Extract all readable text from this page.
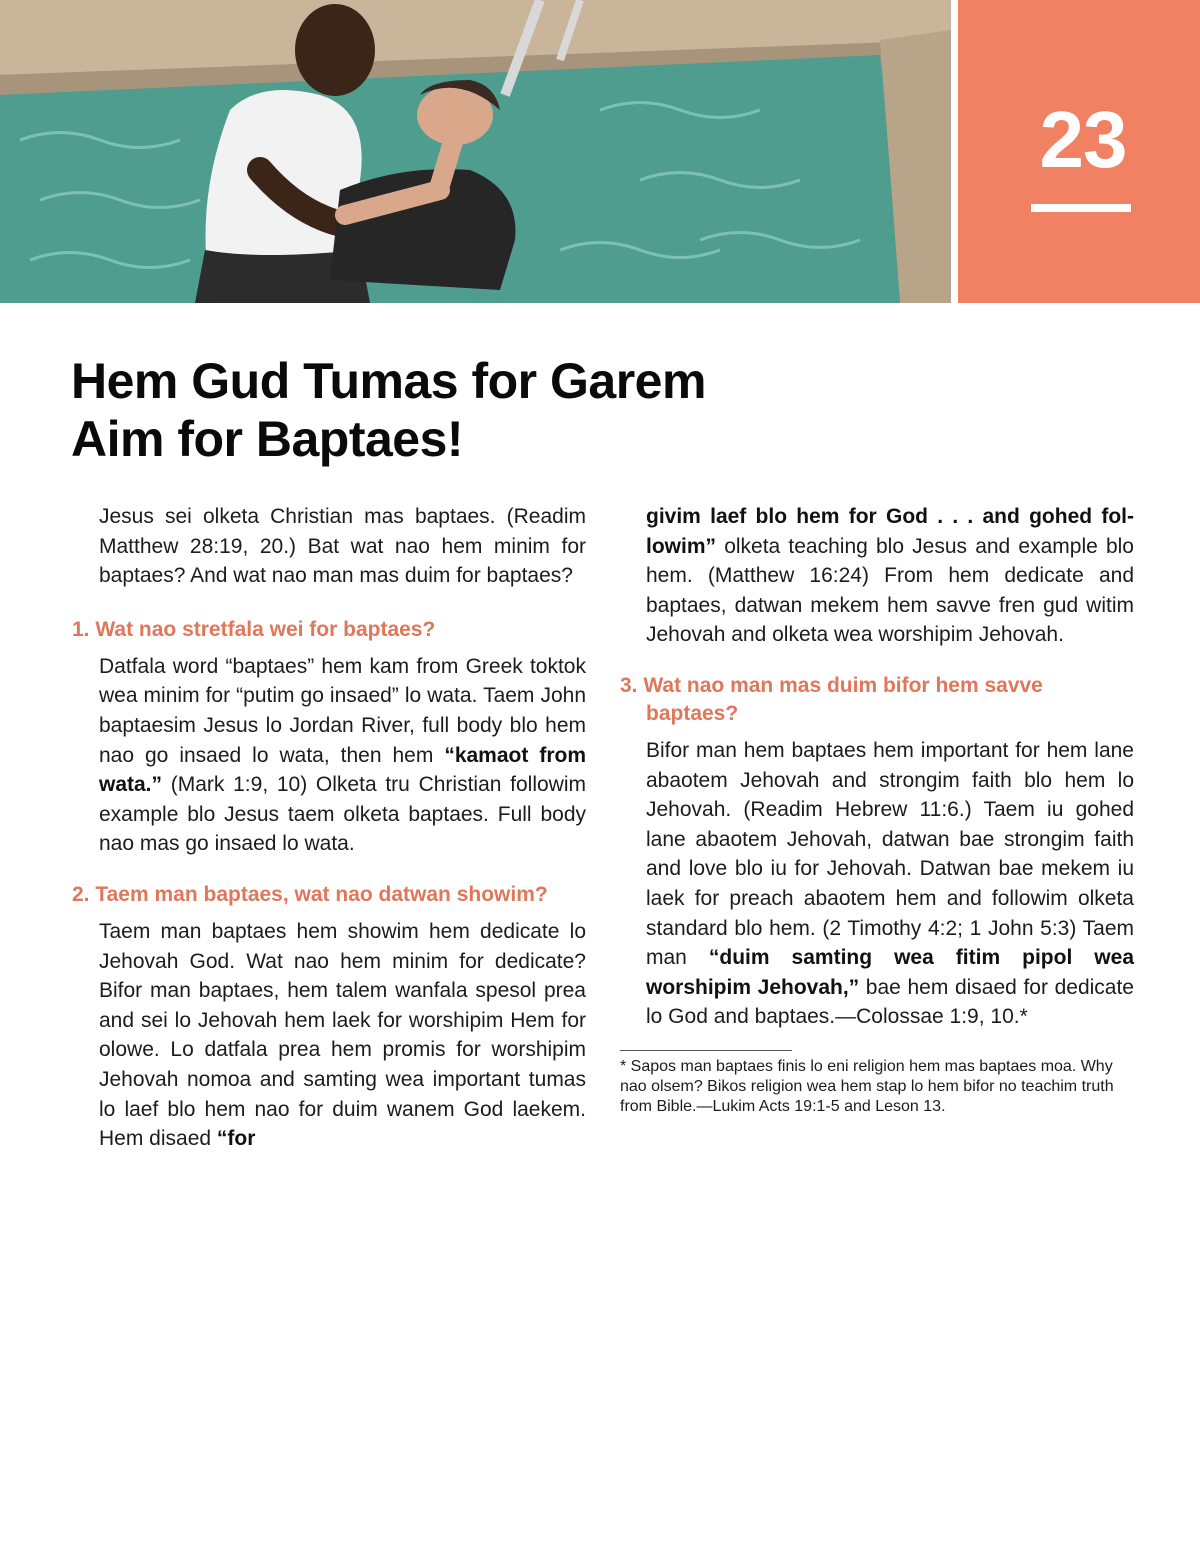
23
Hem Gud Tumas for Garem
Aim for Baptaes!

Jesus sei olketa Christian mas baptaes. (Readim Matthew 28:19, 20.) Bat wat nao hem minim for baptaes? And wat nao man mas duim for baptaes?

1. Wat nao stretfala wei for baptaes?

Datfala word “baptaes” hem kam from Greek toktok wea minim for “putim go insaed” lo wata. Taem John baptaesim Jesus lo Jordan River, full body blo hem nao go insaed lo wata, then hem “kamaot from wata.” (Mark 1:9, 10) Olketa tru Christian followim example blo Jesus taem olketa baptaes. Full body nao mas go insaed lo wata.

2. Taem man baptaes, wat nao datwan showim?

Taem man baptaes hem showim hem dedicate lo Jehovah God. Wat nao hem minim for dedicate? Bifor man baptaes, hem talem wanfala spesol prea and sei lo Jehovah hem laek for worshipim Hem for olowe. Lo datfala prea hem promis for worshipim Jehovah nomoa and samting wea important tumas lo laef blo hem nao for duim wanem God laekem. Hem disaed “for

givim laef blo hem for God . . . and gohed followim” olketa teaching blo Jesus and example blo hem. (Matthew 16:24) From hem dedicate and baptaes, datwan mekem hem savve fren gud witim Jehovah and olketa wea worshipim Jehovah.

3. Wat nao man mas duim bifor hem savve baptaes?

Bifor man hem baptaes hem important for hem lane abaotem Jehovah and strongim faith blo hem lo Jehovah. (Readim Hebrew 11:6.) Taem iu gohed lane abaotem Jehovah, datwan bae strongim faith and love blo iu for Jehovah. Datwan bae mekem iu laek for preach abaotem hem and followim olketa standard blo hem. (2 Timothy 4:2; 1 John 5:3) Taem man “duim samting wea fitim pipol wea worshipim Jehovah,” bae hem disaed for dedicate lo God and baptaes.—Colossae 1:9, 10.*

* Sapos man baptaes finis lo eni religion hem mas baptaes moa. Why nao olsem? Bikos religion wea hem stap lo hem bifor no teachim truth from Bible.—Lukim Acts 19:1-5 and Leson 13.
